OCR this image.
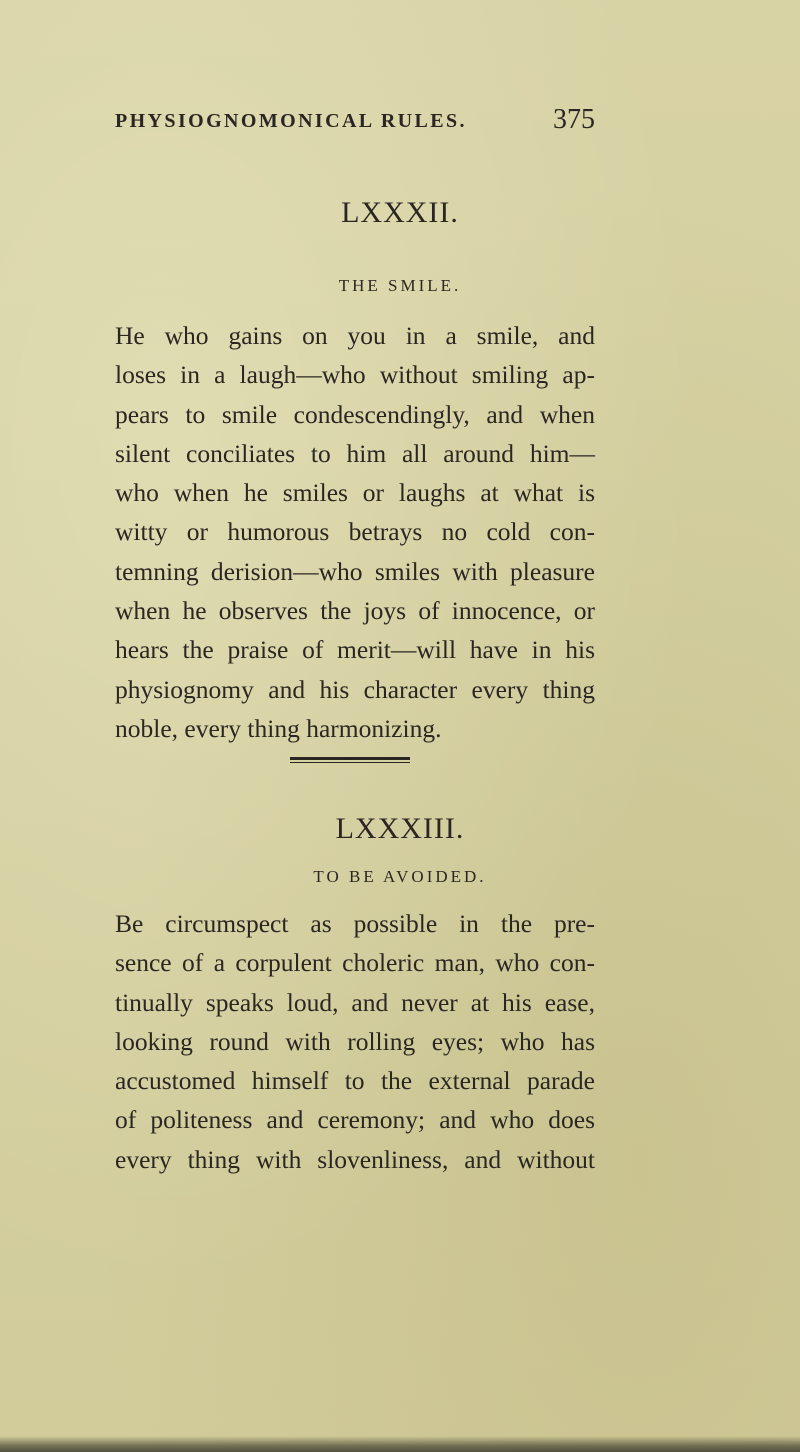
PHYSIOGNOMONICAL RULES.	375
LXXXII.
THE SMILE.
He who gains on you in a smile, and
loses in a laugh—who without smiling ap-
pears to smile condescendingly, and when
silent conciliates to him all around him—
who when he smiles or laughs at what is
witty or humorous betrays no cold con-
temning derision—who smiles with pleasure
when he observes the joys of innocence, or
hears the praise of merit—will have in his
physiognomy and his character every thing
noble, every thing harmonizing.
LXXXIII.
TO BE AVOIDED.
Be circumspect as possible in the pre-
sence of a corpulent choleric man, who con-
tinually speaks loud, and never at his ease,
looking round with rolling eyes; who has
accustomed himself to the external parade
of politeness and ceremony; and who does
every thing with slovenliness, and without
